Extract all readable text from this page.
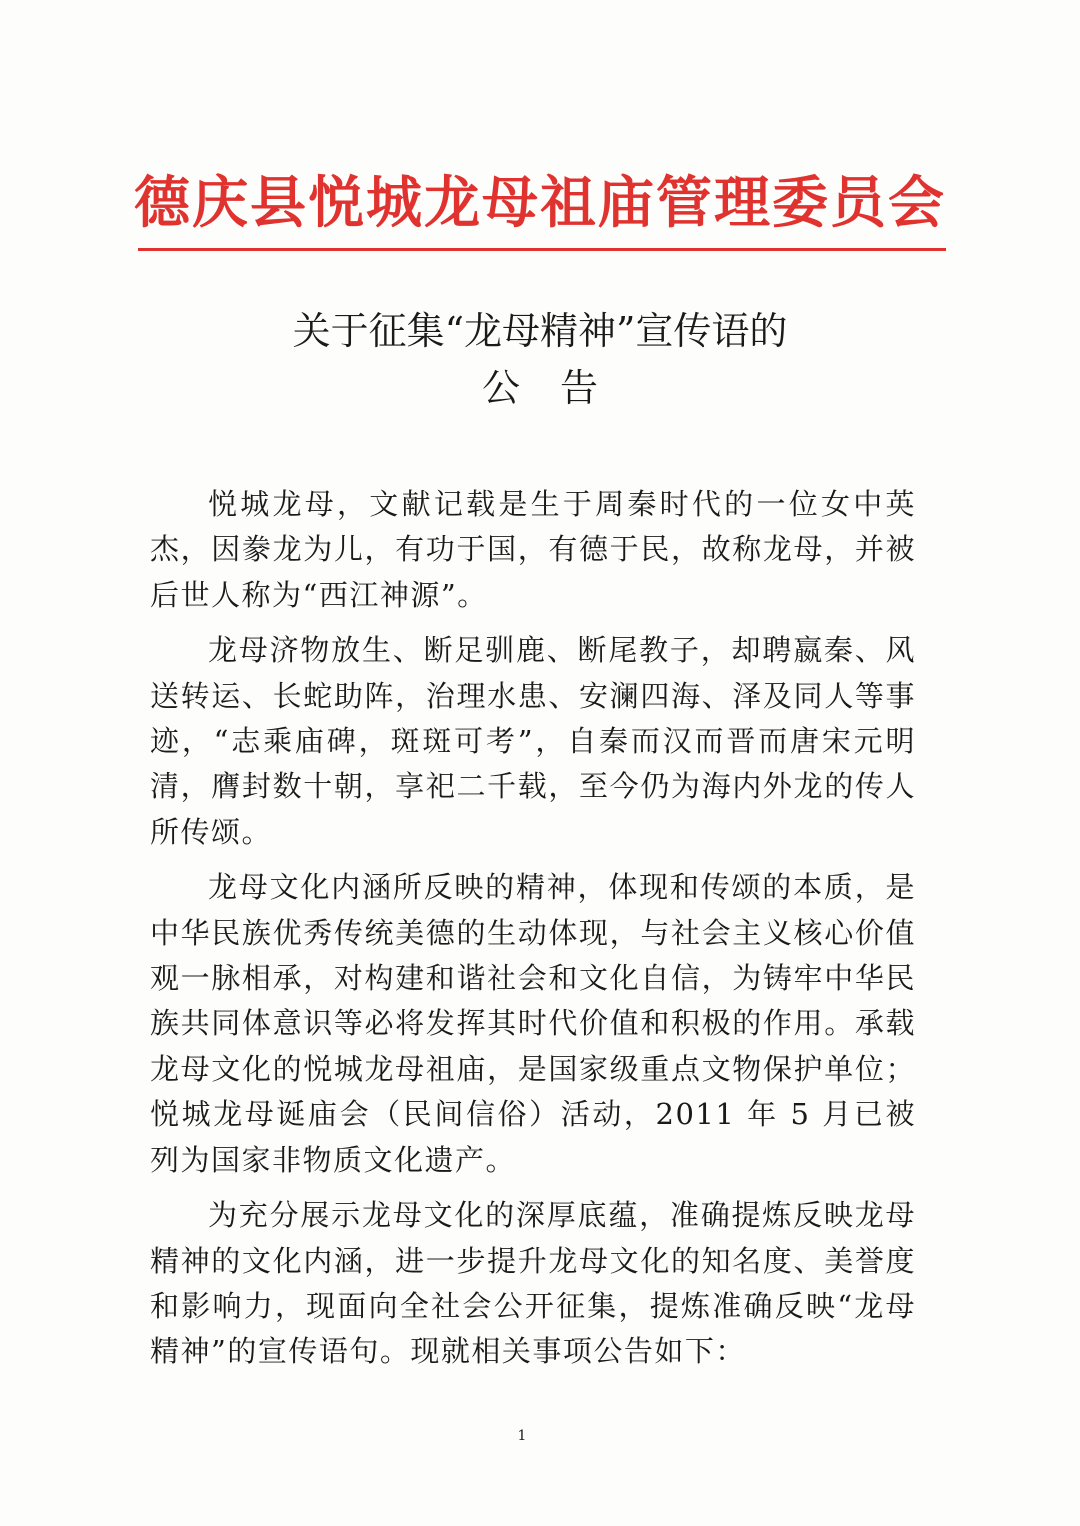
德庆县悦城龙母祖庙管理委员会
关于征集“龙母精神”宣传语的
公告

悦城龙母，文献记载是生于周秦时代的一位女中英杰，因豢龙为儿，有功于国，有德于民，故称龙母，并被后世人称为“西江神源”。

龙母济物放生、断足驯鹿、断尾教子，却聘嬴秦、风送转运、长蛇助阵，治理水患、安澜四海、泽及同人等事迹，“志乘庙碑，斑斑可考”，自秦而汉而晋而唐宋元明清，膺封数十朝，享祀二千载，至今仍为海内外龙的传人所传颂。

龙母文化内涵所反映的精神，体现和传颂的本质，是中华民族优秀传统美德的生动体现，与社会主义核心价值观一脉相承，对构建和谐社会和文化自信，为铸牢中华民族共同体意识等必将发挥其时代价值和积极的作用。承载龙母文化的悦城龙母祖庙，是国家级重点文物保护单位；悦城龙母诞庙会（民间信俗）活动，2011 年 5 月已被列为国家非物质文化遗产。

为充分展示龙母文化的深厚底蕴，准确提炼反映龙母精神的文化内涵，进一步提升龙母文化的知名度、美誉度和影响力，现面向全社会公开征集，提炼准确反映“龙母精神”的宣传语句。现就相关事项公告如下：

1
